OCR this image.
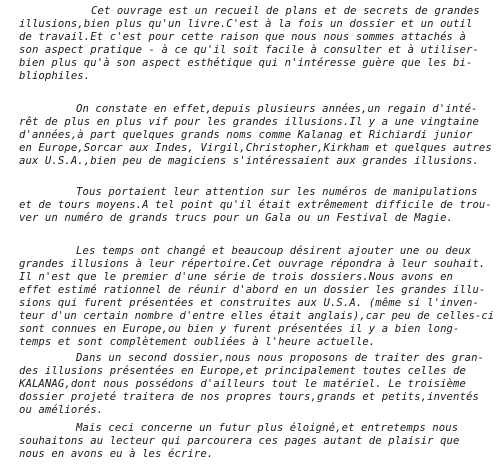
Cet ouvrage est un recueil de plans et de secrets de grandes
illusions,bien plus qu'un livre.C'est à la fois un dossier et un outil
de travail.Et c'est pour cette raison que nous nous sommes attachés à
son aspect pratique - à ce qu'il soit facile à consulter et à utiliser-
bien plus qu'à son aspect esthétique qui n'intéresse guère que les bi-
bliophiles.
On constate en effet,depuis plusieurs années,un regain d'inté-
rêt de plus en plus vif pour les grandes illusions.Il y a une vingtaine
d'années,à part quelques grands noms comme Kalanag et Richiardi junior
en Europe,Sorcar aux Indes, Virgil,Christopher,Kirkham et quelques autres
aux U.S.A.,bien peu de magiciens s'intéressaient aux grandes illusions.
Tous portaient leur attention sur les numéros de manipulations
et de tours moyens.A tel point qu'il était extrêmement difficile de trou-
ver un numéro de grands trucs pour un Gala ou un Festival de Magie.
Les temps ont changé et beaucoup désirent ajouter une ou deux
grandes illusions à leur répertoire.Cet ouvrage répondra à leur souhait.
Il n'est que le premier d'une série de trois dossiers.Nous avons en
effet estimé rationnel de réunir d'abord en un dossier les grandes illu-
sions qui furent présentées et construites aux U.S.A. (même si l'inven-
teur d'un certain nombre d'entre elles était anglais),car peu de celles-ci
sont connues en Europe,ou bien y furent présentées il y a bien long-
temps et sont complètement oubliées à l'heure actuelle.
Dans un second dossier,nous nous proposons de traiter des gran-
des illusions présentées en Europe,et principalement toutes celles de
KALANAG,dont nous possédons d'ailleurs tout le matériel. Le troisième
dossier projeté traitera de nos propres tours,grands et petits,inventés
ou améliorés.
Mais ceci concerne un futur plus éloigné,et entretemps nous
souhaitons au lecteur qui parcourera ces pages autant de plaisir que
nous en avons eu à les écrire.
